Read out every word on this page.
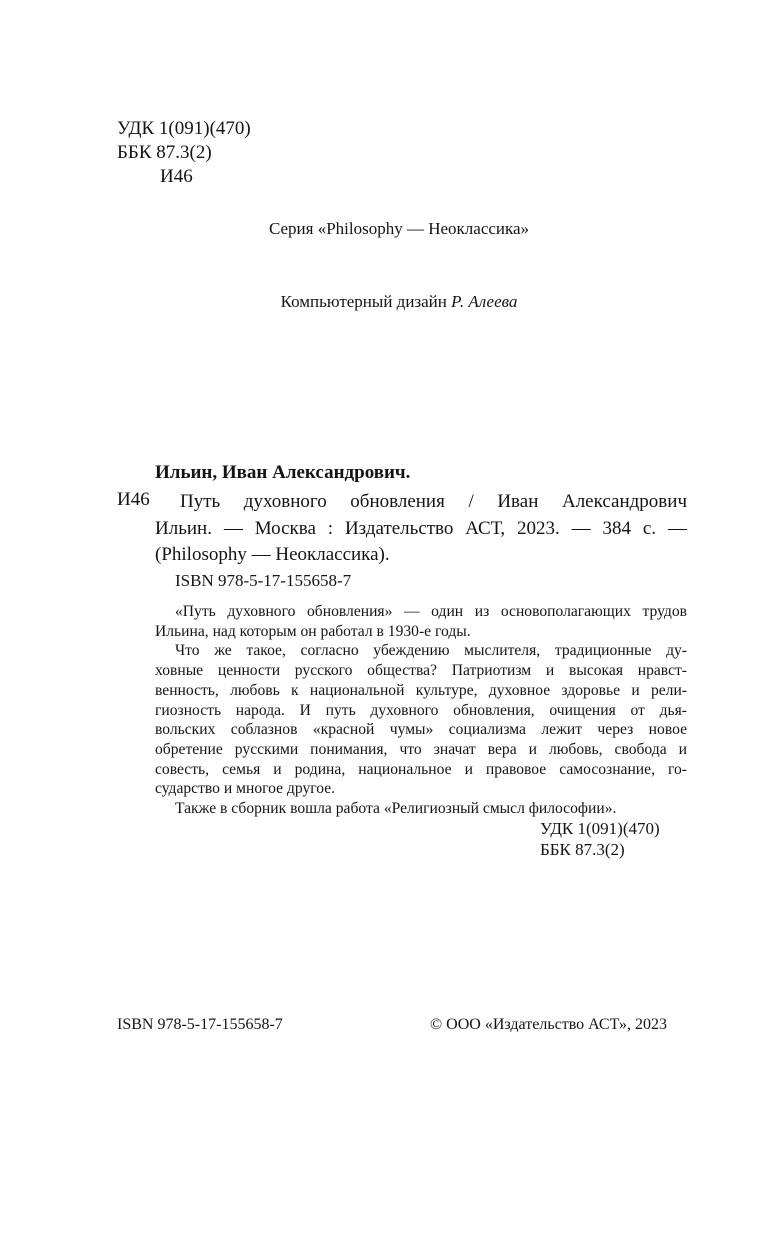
УДК 1(091)(470)
ББК 87.3(2)
И46
Серия «Philosophy — Неоклассика»
Компьютерный дизайн Р. Алеева
Ильин, Иван Александрович.
И46	Путь духовного обновления / Иван Александрович
Ильин. — Москва : Издательство АСТ, 2023. — 384 с. —
(Philosophy — Неоклассика).
ISBN 978-5-17-155658-7
«Путь духовного обновления» — один из основополагающих трудов
Ильина, над которым он работал в 1930-е годы.
Что же такое, согласно убеждению мыслителя, традиционные ду-
ховные ценности русского общества? Патриотизм и высокая нравст-
венность, любовь к национальной культуре, духовное здоровье и рели-
гиозность народа. И путь духовного обновления, очищения от дья-
вольских соблазнов «красной чумы» социализма лежит через новое
обретение русскими понимания, что значат вера и любовь, свобода и
совесть, семья и родина, национальное и правовое самосознание, го-
сударство и многое другое.
Также в сборник вошла работа «Религиозный смысл философии».
УДК 1(091)(470)
ББК 87.3(2)
ISBN 978-5-17-155658-7	© ООО «Издательство АСТ», 2023
